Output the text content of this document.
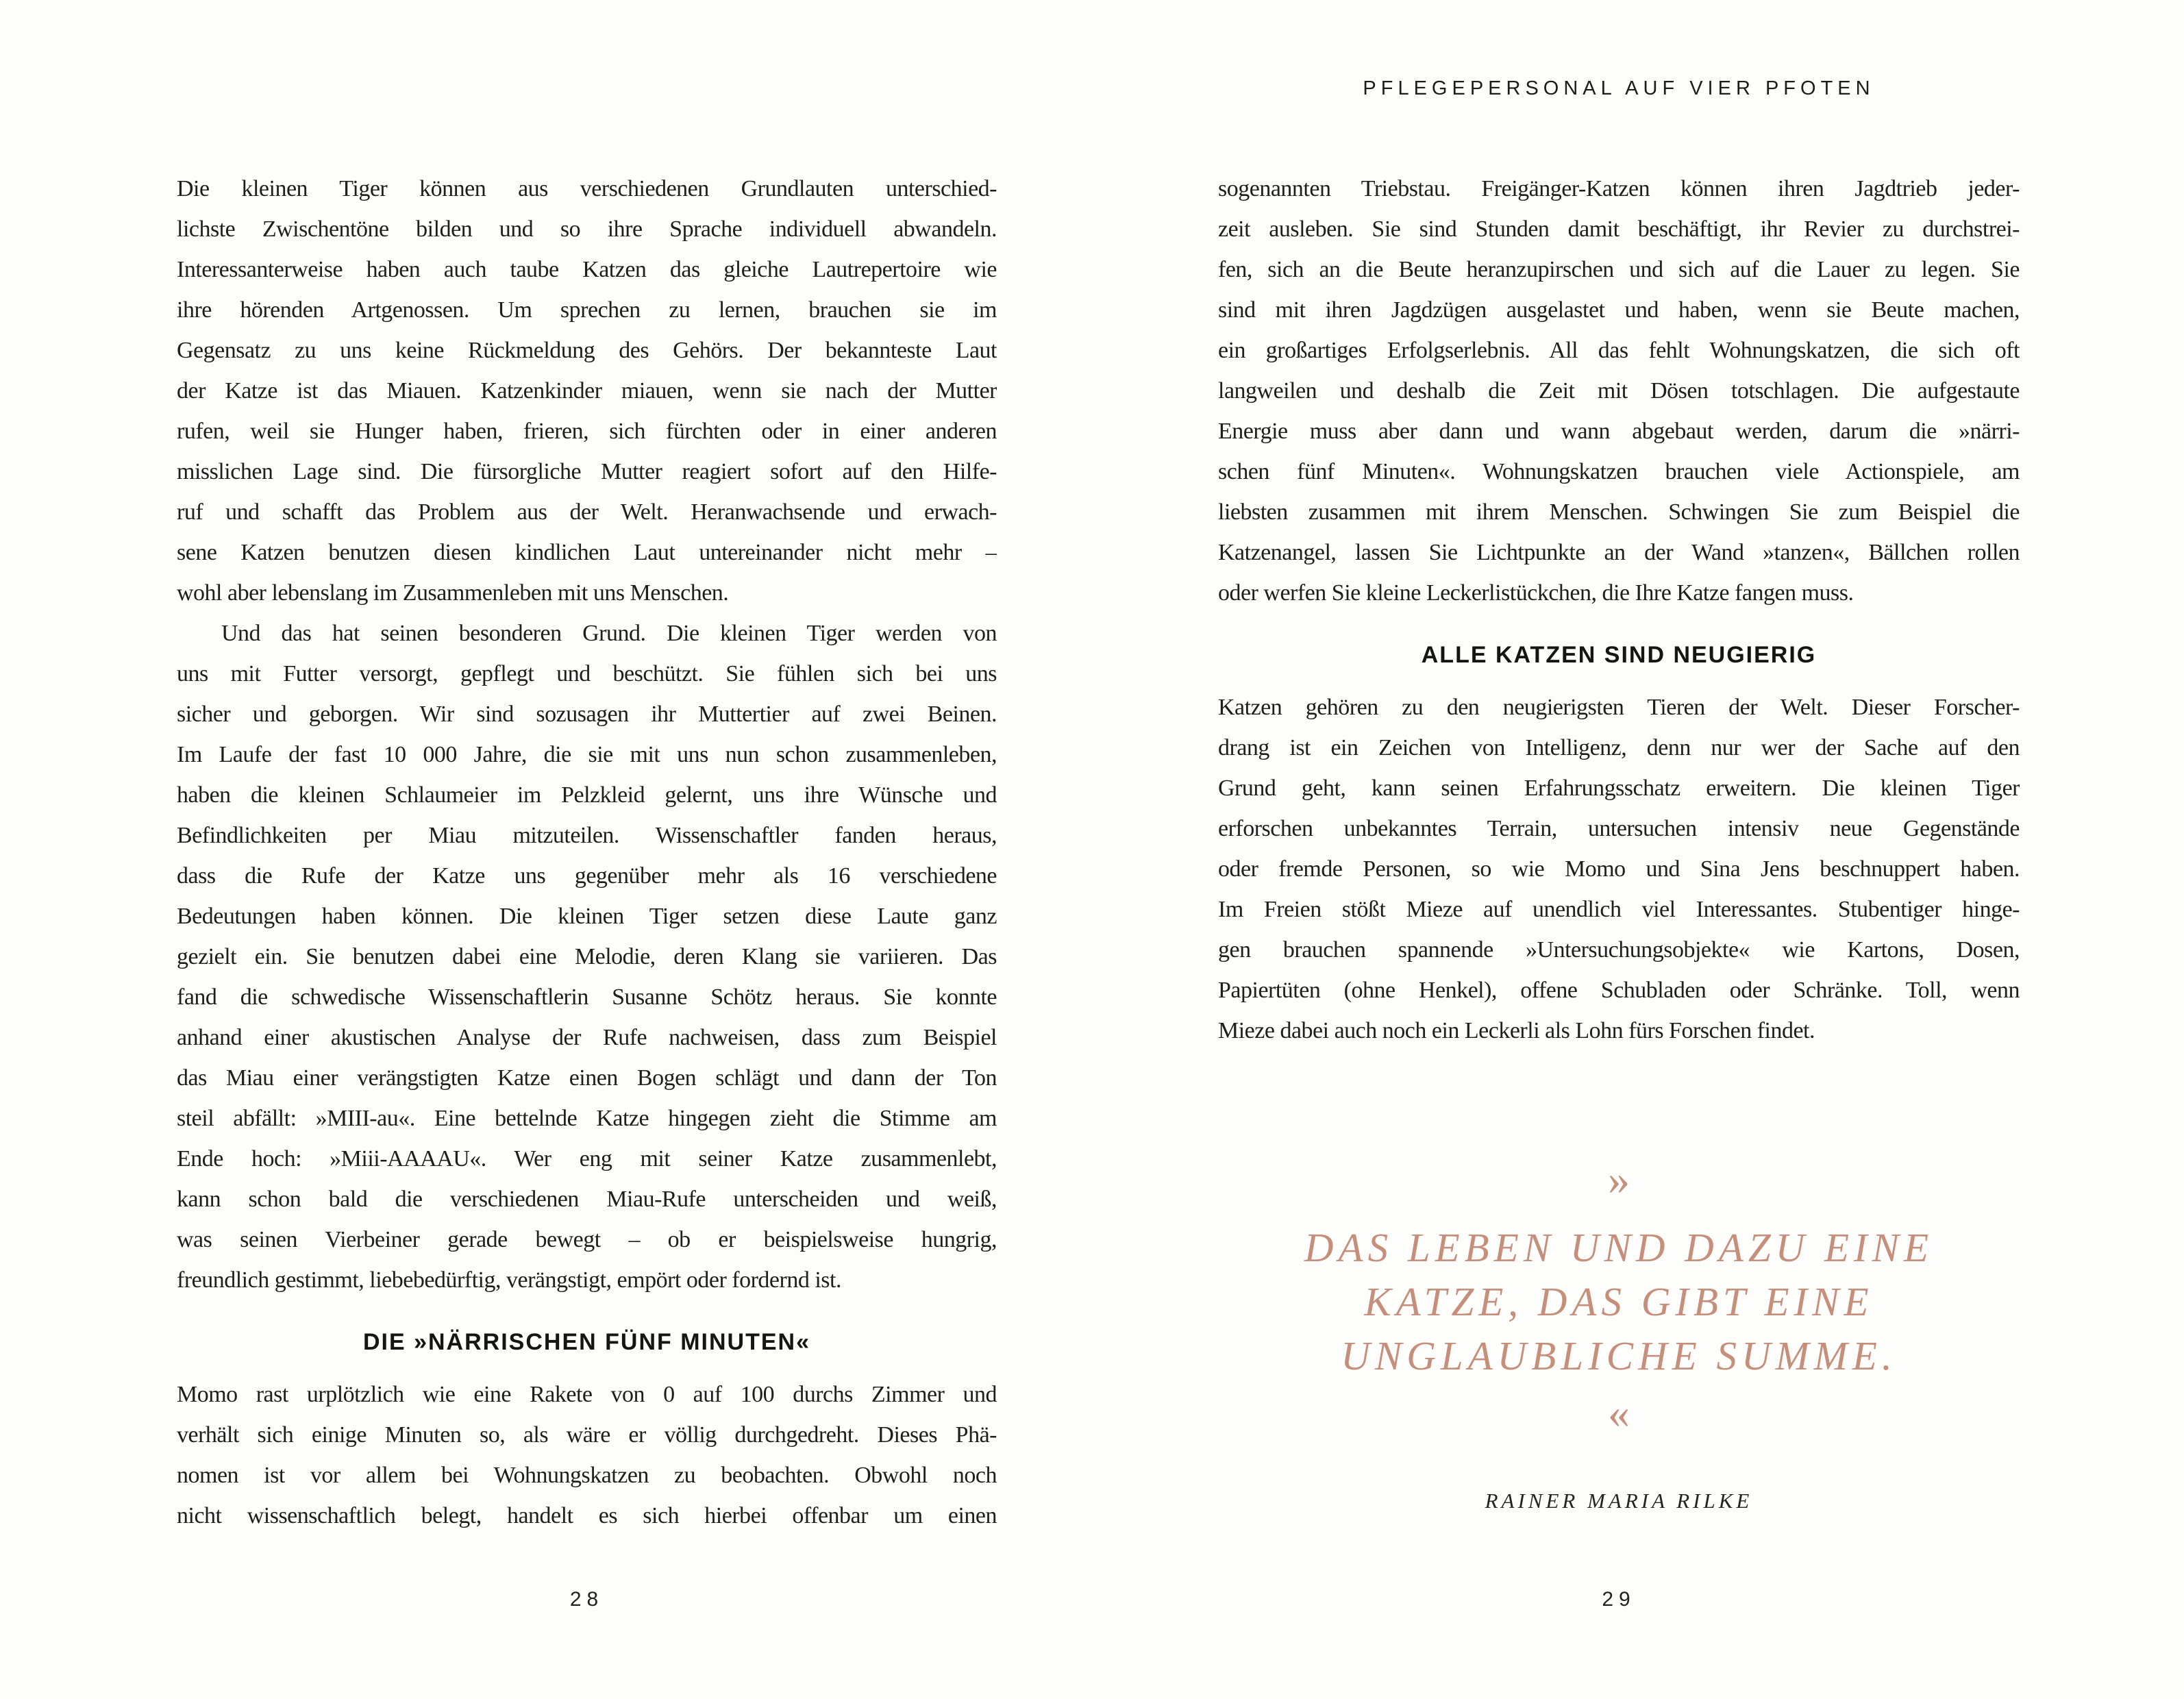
Die kleinen Tiger können aus verschiedenen Grundlauten unterschied-
lichste Zwischentöne bilden und so ihre Sprache individuell abwandeln.
Interessanterweise haben auch taube Katzen das gleiche Lautrepertoire wie
ihre hörenden Artgenossen. Um sprechen zu lernen, brauchen sie im
Gegensatz zu uns keine Rückmeldung des Gehörs. Der bekannteste Laut
der Katze ist das Miauen. Katzenkinder miauen, wenn sie nach der Mutter
rufen, weil sie Hunger haben, frieren, sich fürchten oder in einer anderen
misslichen Lage sind. Die fürsorgliche Mutter reagiert sofort auf den Hilfe-
ruf und schafft das Problem aus der Welt. Heranwachsende und erwach-
sene Katzen benutzen diesen kindlichen Laut untereinander nicht mehr –
wohl aber lebenslang im Zusammenleben mit uns Menschen.
Und das hat seinen besonderen Grund. Die kleinen Tiger werden von
uns mit Futter versorgt, gepflegt und beschützt. Sie fühlen sich bei uns
sicher und geborgen. Wir sind sozusagen ihr Muttertier auf zwei Beinen.
Im Laufe der fast 10 000 Jahre, die sie mit uns nun schon zusammenleben,
haben die kleinen Schlaumeier im Pelzkleid gelernt, uns ihre Wünsche und
Befindlichkeiten per Miau mitzuteilen. Wissenschaftler fanden heraus,
dass die Rufe der Katze uns gegenüber mehr als 16 verschiedene
Bedeutungen haben können. Die kleinen Tiger setzen diese Laute ganz
gezielt ein. Sie benutzen dabei eine Melodie, deren Klang sie variieren. Das
fand die schwedische Wissenschaftlerin Susanne Schötz heraus. Sie konnte
anhand einer akustischen Analyse der Rufe nachweisen, dass zum Beispiel
das Miau einer verängstigten Katze einen Bogen schlägt und dann der Ton
steil abfällt: »MIII-au«. Eine bettelnde Katze hingegen zieht die Stimme am
Ende hoch: »Miii-AAAAU«. Wer eng mit seiner Katze zusammenlebt,
kann schon bald die verschiedenen Miau-Rufe unterscheiden und weiß,
was seinen Vierbeiner gerade bewegt – ob er beispielsweise hungrig,
freundlich gestimmt, liebebedürftig, verängstigt, empört oder fordernd ist.
DIE »NÄRRISCHEN FÜNF MINUTEN«
Momo rast urplötzlich wie eine Rakete von 0 auf 100 durchs Zimmer und
verhält sich einige Minuten so, als wäre er völlig durchgedreht. Dieses Phä-
nomen ist vor allem bei Wohnungskatzen zu beobachten. Obwohl noch
nicht wissenschaftlich belegt, handelt es sich hierbei offenbar um einen
28
PFLEGEPERSONAL AUF VIER PFOTEN
sogenannten Triebstau. Freigänger-Katzen können ihren Jagdtrieb jeder-
zeit ausleben. Sie sind Stunden damit beschäftigt, ihr Revier zu durchstrei-
fen, sich an die Beute heranzupirschen und sich auf die Lauer zu legen. Sie
sind mit ihren Jagdzügen ausgelastet und haben, wenn sie Beute machen,
ein großartiges Erfolgserlebnis. All das fehlt Wohnungskatzen, die sich oft
langweilen und deshalb die Zeit mit Dösen totschlagen. Die aufgestaute
Energie muss aber dann und wann abgebaut werden, darum die »närri-
schen fünf Minuten«. Wohnungskatzen brauchen viele Actionspiele, am
liebsten zusammen mit ihrem Menschen. Schwingen Sie zum Beispiel die
Katzenangel, lassen Sie Lichtpunkte an der Wand »tanzen«, Bällchen rollen
oder werfen Sie kleine Leckerlistückchen, die Ihre Katze fangen muss.
ALLE KATZEN SIND NEUGIERIG
Katzen gehören zu den neugierigsten Tieren der Welt. Dieser Forscher-
drang ist ein Zeichen von Intelligenz, denn nur wer der Sache auf den
Grund geht, kann seinen Erfahrungsschatz erweitern. Die kleinen Tiger
erforschen unbekanntes Terrain, untersuchen intensiv neue Gegenstände
oder fremde Personen, so wie Momo und Sina Jens beschnuppert haben.
Im Freien stößt Mieze auf unendlich viel Interessantes. Stubentiger hinge-
gen brauchen spannende »Untersuchungsobjekte« wie Kartons, Dosen,
Papiertüten (ohne Henkel), offene Schubladen oder Schränke. Toll, wenn
Mieze dabei auch noch ein Leckerli als Lohn fürs Forschen findet.
»
DAS LEBEN UND DAZU EINE
KATZE, DAS GIBT EINE
UNGLAUBLICHE SUMME.
«
RAINER MARIA RILKE
29
